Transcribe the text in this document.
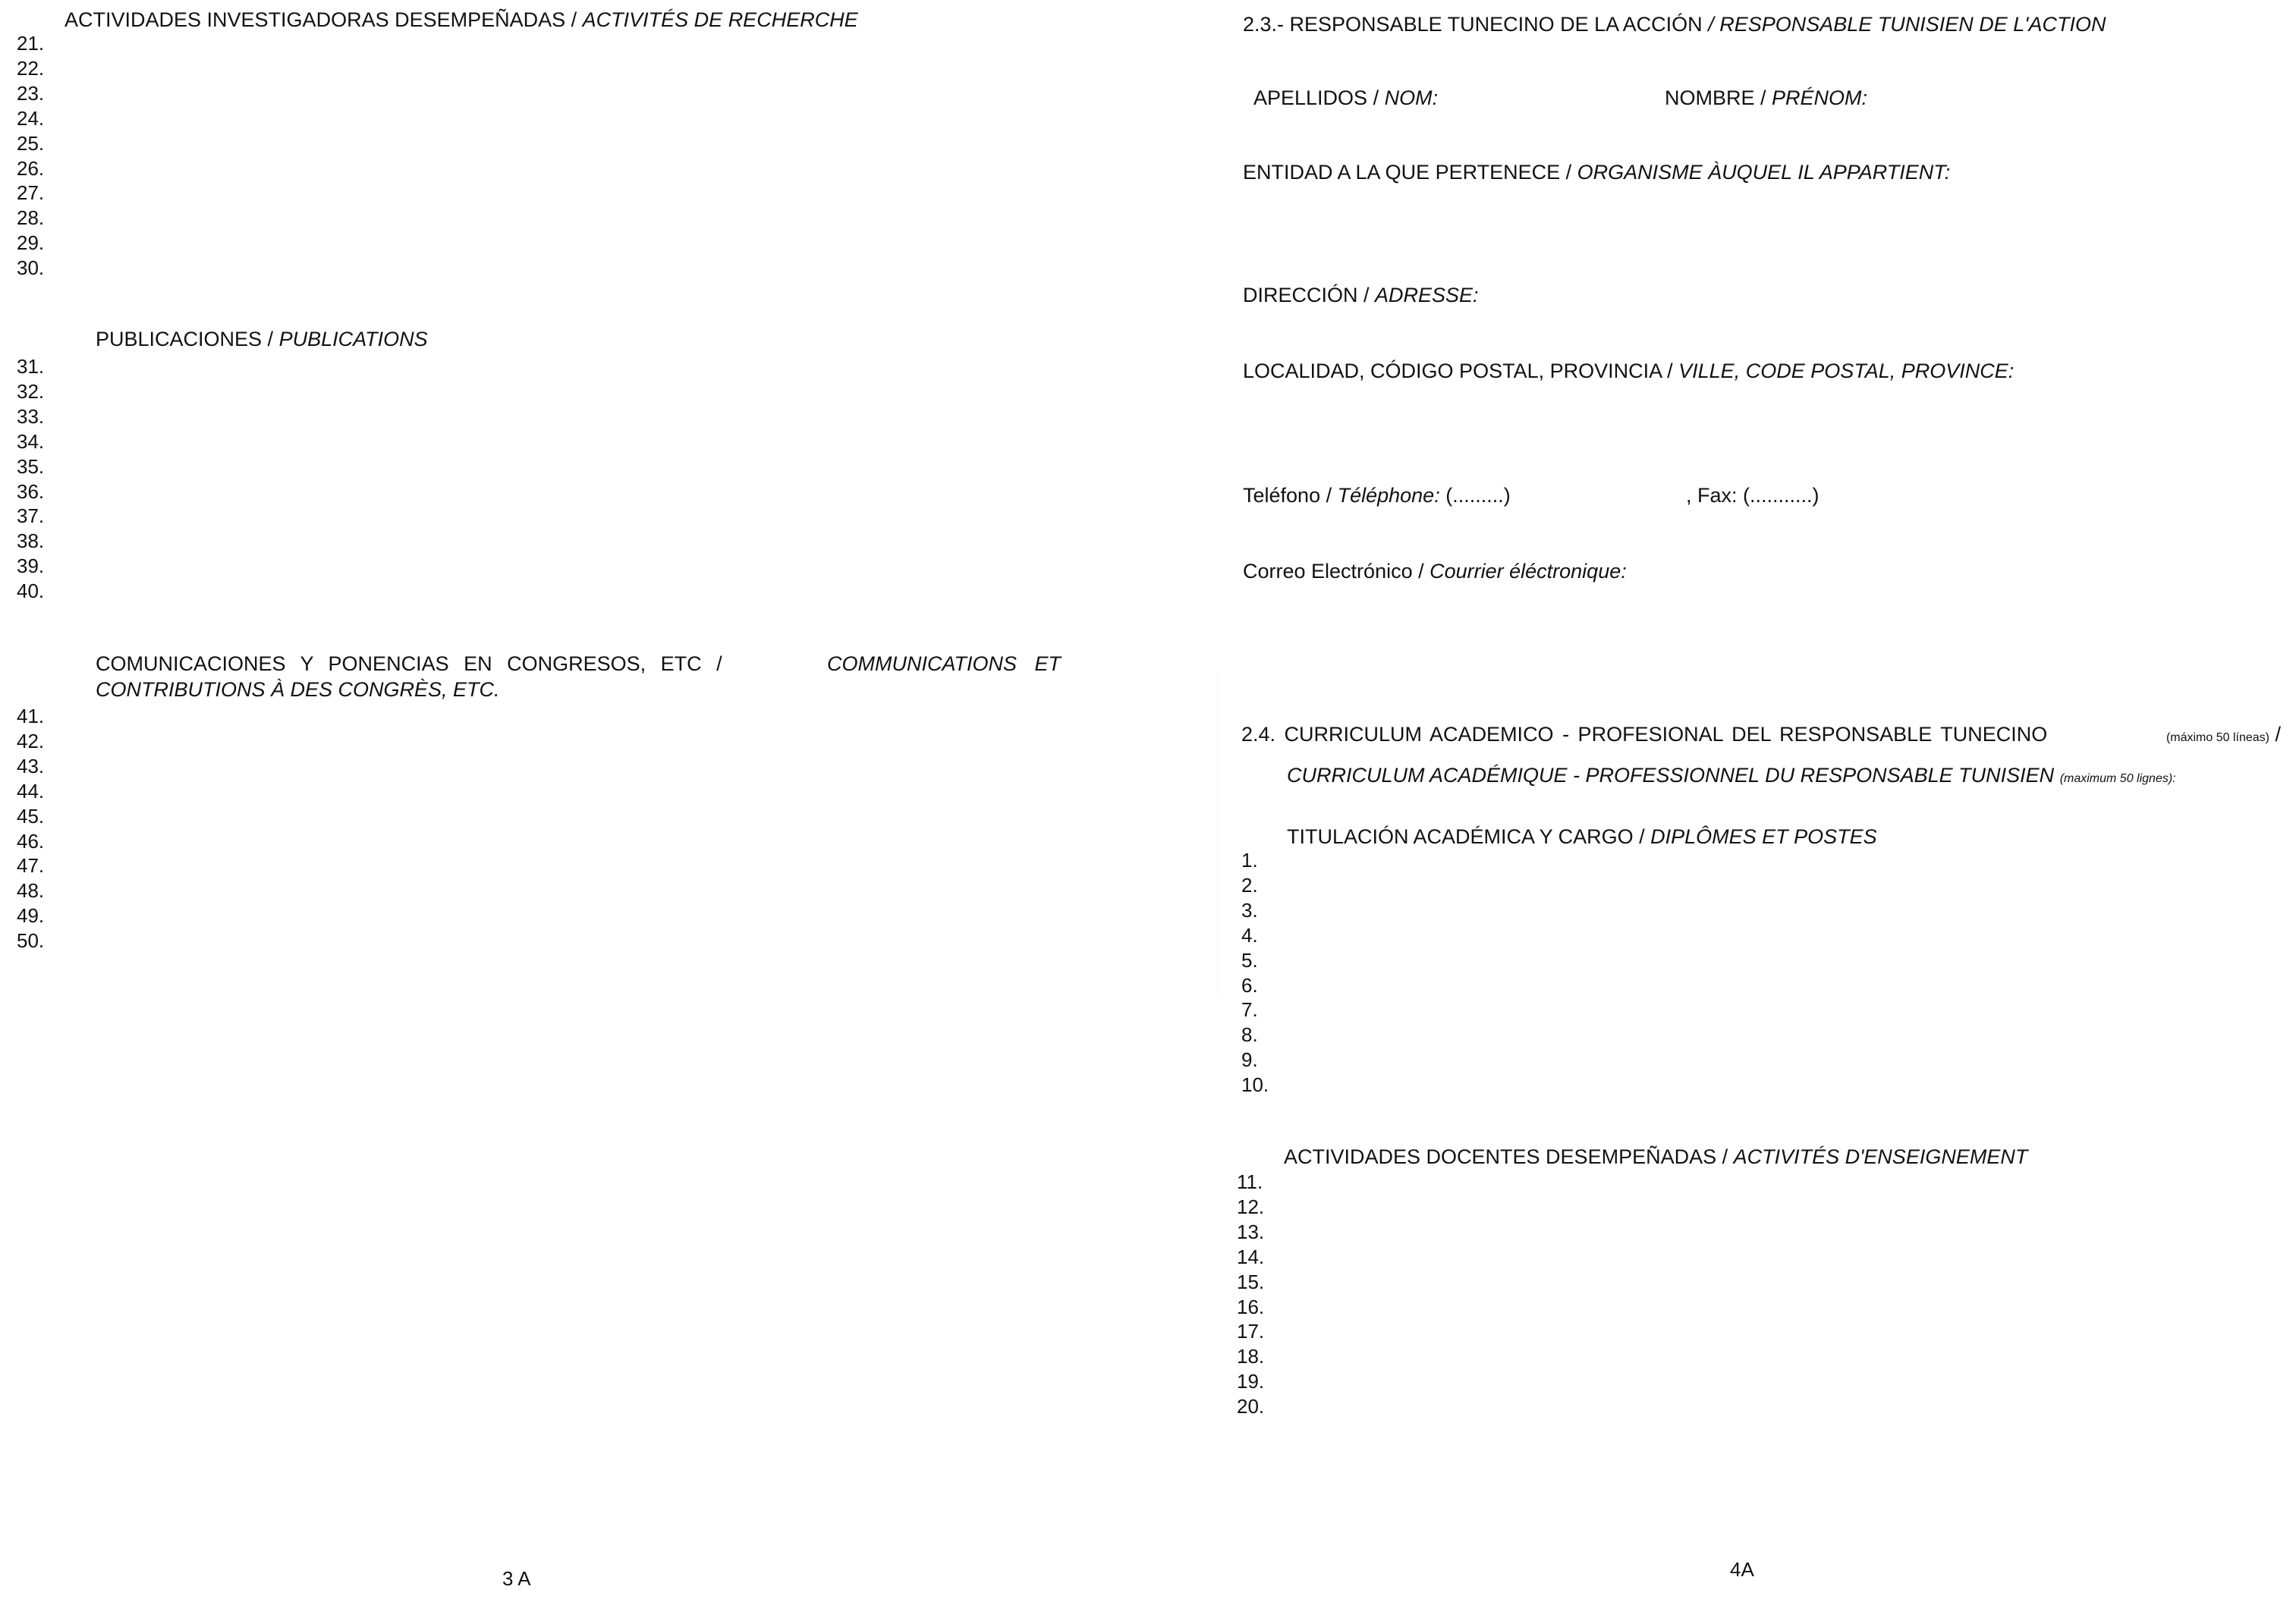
ACTIVIDADES INVESTIGADORAS DESEMPEÑADAS / ACTIVITÉS DE RECHERCHE
21.
22.
23.
24.
25.
26.
27.
28.
29.
30.
PUBLICACIONES / PUBLICATIONS
31.
32.
33.
34.
35.
36.
37.
38.
39.
40.
COMUNICACIONES Y PONENCIAS EN CONGRESOS, ETC /	COMMUNICATIONS ET
CONTRIBUTIONS À DES CONGRÈS, ETC.
41.
42.
43.
44.
45.
46.
47.
48.
49.
50.
3 A
2.3.- RESPONSABLE TUNECINO DE LA ACCIÓN / RESPONSABLE TUNISIEN DE L'ACTION
APELLIDOS / NOM:	NOMBRE / PRÉNOM:
ENTIDAD A LA QUE PERTENECE / ORGANISME ÀUQUEL IL APPARTIENT:
DIRECCIÓN / ADRESSE:
LOCALIDAD, CÓDIGO POSTAL, PROVINCIA / VILLE, CODE POSTAL, PROVINCE:
Teléfono / Téléphone: (.........)	, Fax: (...........)
Correo Electrónico / Courrier éléctronique:
2.4. CURRICULUM ACADEMICO - PROFESIONAL DEL RESPONSABLE TUNECINO	(máximo 50 líneas) /
CURRICULUM ACADÉMIQUE - PROFESSIONNEL DU RESPONSABLE TUNISIEN (maximum 50 lignes):
TITULACIÓN ACADÉMICA Y CARGO / DIPLÔMES ET POSTES
1.
2.
3.
4.
5.
6.
7.
8.
9.
10.
ACTIVIDADES DOCENTES DESEMPEÑADAS / ACTIVITÉS D'ENSEIGNEMENT
11.
12.
13.
14.
15.
16.
17.
18.
19.
20.
4A
